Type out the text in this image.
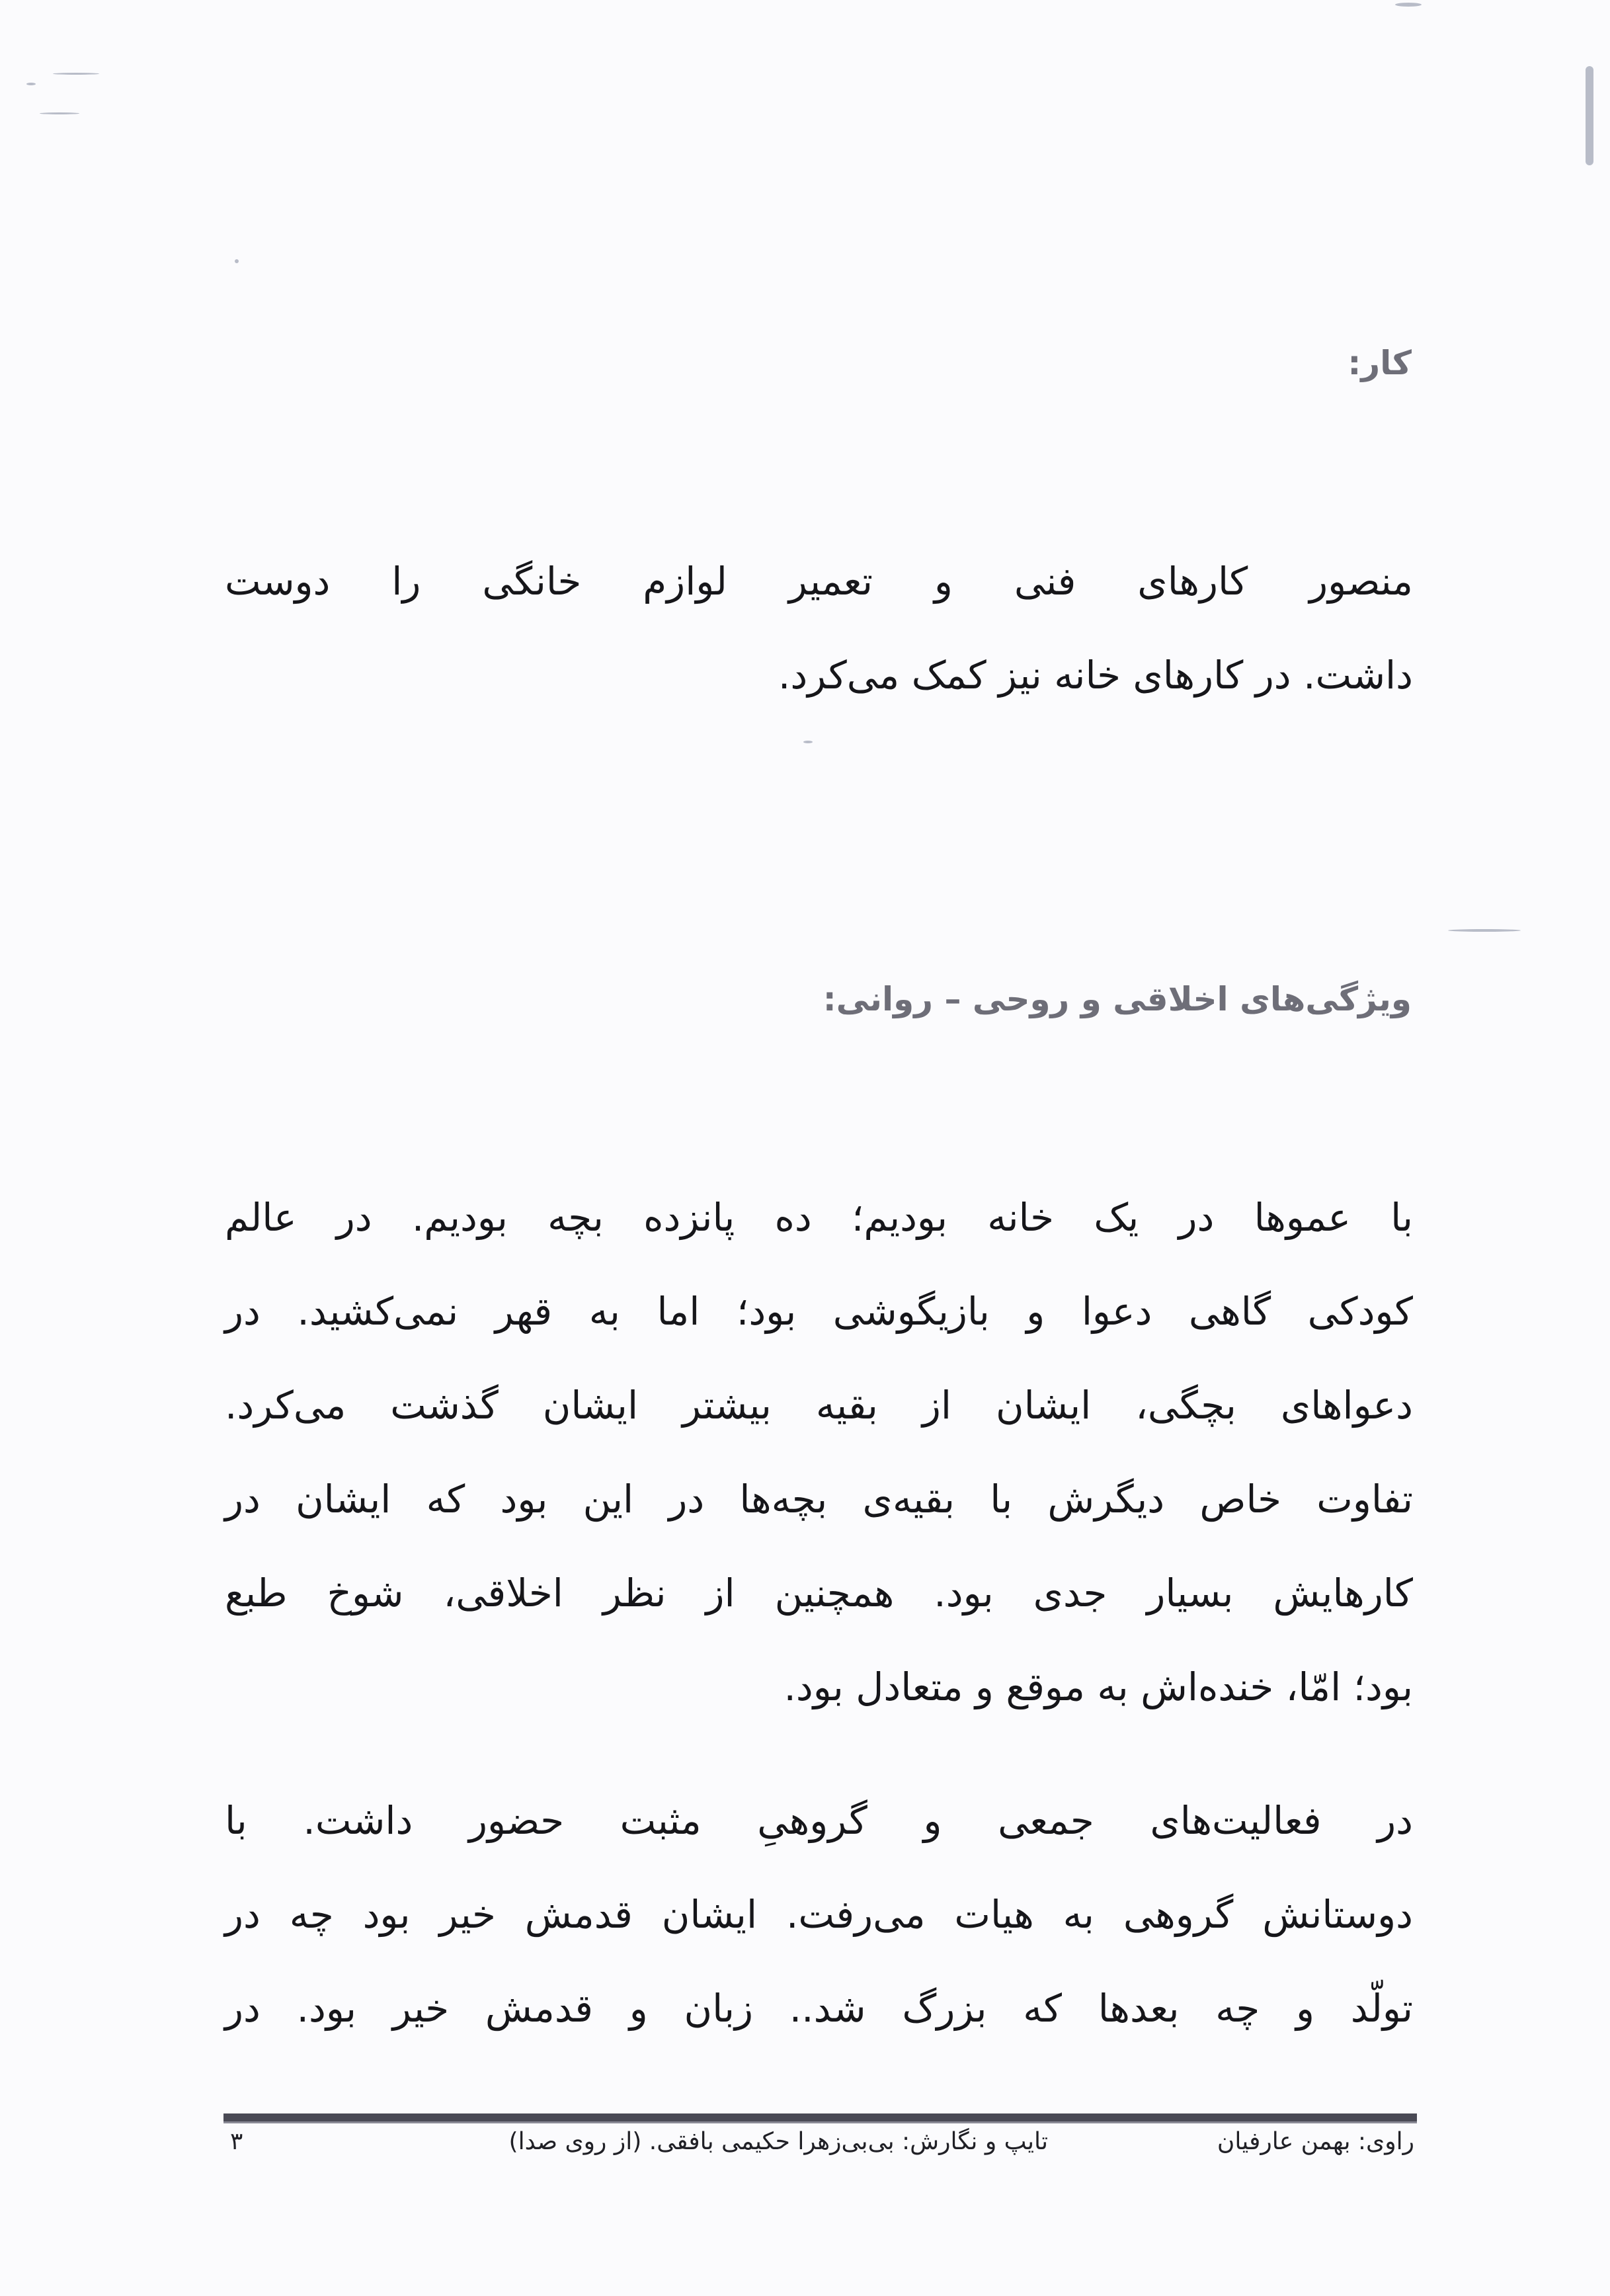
کار:
منصور کارهای فنی و تعمیر لوازم خانگی را دوست
داشت. در کارهای خانه نیز کمک می‌کرد.
ویژگی‌های اخلاقی و روحی – روانی:
با عموها در یک خانه بودیم؛ ده پانزده بچه بودیم. در عالم
کودکی گاهی دعوا و بازیگوشی بود؛ اما به قهر نمی‌کشید. در
دعواهای بچگی، ایشان از بقیه بیشتر ایشان گذشت می‌کرد.
تفاوت خاص دیگرش با بقیه‌ی بچه‌ها در این بود که ایشان در
کارهایش بسیار جدی بود. همچنین از نظر اخلاقی، شوخ طبع
بود؛ امّا، خنده‌اش به موقع و متعادل بود.
در فعالیت‌های جمعی و گروهیِ مثبت حضور داشت. با
دوستانش گروهی به هیات می‌رفت. ایشان قدمش خیر بود چه در
تولّد و چه بعدها که بزرگ شد.. زبان و قدمش خیر بود. در
راوی: بهمن عارفیان
تایپ و نگارش: بی‌بی‌زهرا حکیمی بافقی. (از روی صدا)
۳
